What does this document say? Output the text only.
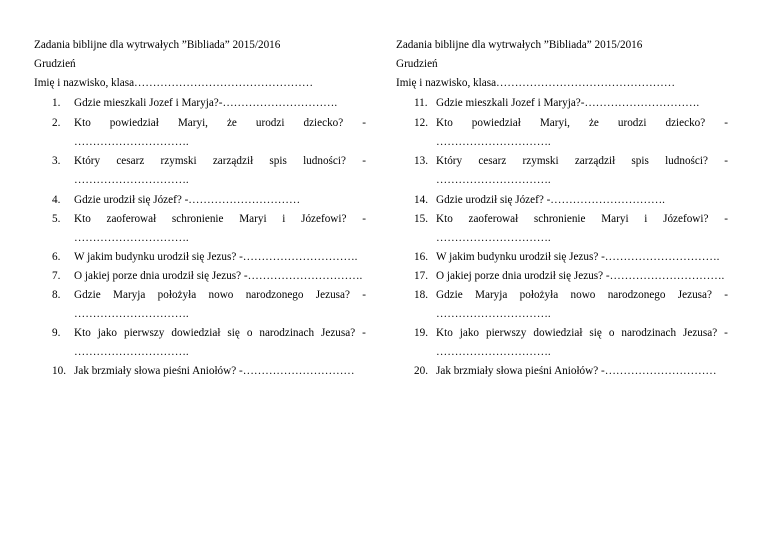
Zadania biblijne dla wytrwałych ”Bibliada” 2015/2016
Grudzień
Imię i nazwisko, klasa…………………………………………
1.	Gdzie mieszkali Jozef i Maryja?-………………………….
2.	Kto powiedział Maryi, że urodzi dziecko? -
………………………….
3.	Który cesarz rzymski zarządził spis ludności? -
………………………….
4.	Gdzie urodził się Józef? -…………………………
5.	Kto zaoferował schronienie Maryi i Józefowi? -
………………………….
6.	W jakim budynku urodził się Jezus? -………………………….
7.	O jakiej porze dnia urodził się Jezus? -………………………….
8.	Gdzie Maryja położyła nowo narodzonego Jezusa? -
………………………….
9.	Kto jako pierwszy dowiedział się o narodzinach Jezusa? -
………………………….
10. Jak brzmiały słowa pieśni Aniołów? -…………………………
Zadania biblijne dla wytrwałych ”Bibliada” 2015/2016
Grudzień
Imię i nazwisko, klasa…………………………………………
11. Gdzie mieszkali Jozef i Maryja?-………………………….
12. Kto powiedział Maryi, że urodzi dziecko? -
………………………….
13. Który cesarz rzymski zarządził spis ludności? -
………………………….
14. Gdzie urodził się Józef? -………………………….
15. Kto zaoferował schronienie Maryi i Józefowi? -
………………………….
16. W jakim budynku urodził się Jezus? -………………………….
17. O jakiej porze dnia urodził się Jezus? -………………………….
18. Gdzie Maryja położyła nowo narodzonego Jezusa? -
………………………….
19. Kto jako pierwszy dowiedział się o narodzinach Jezusa? -
………………………….
20. Jak brzmiały słowa pieśni Aniołów? -…………………………
